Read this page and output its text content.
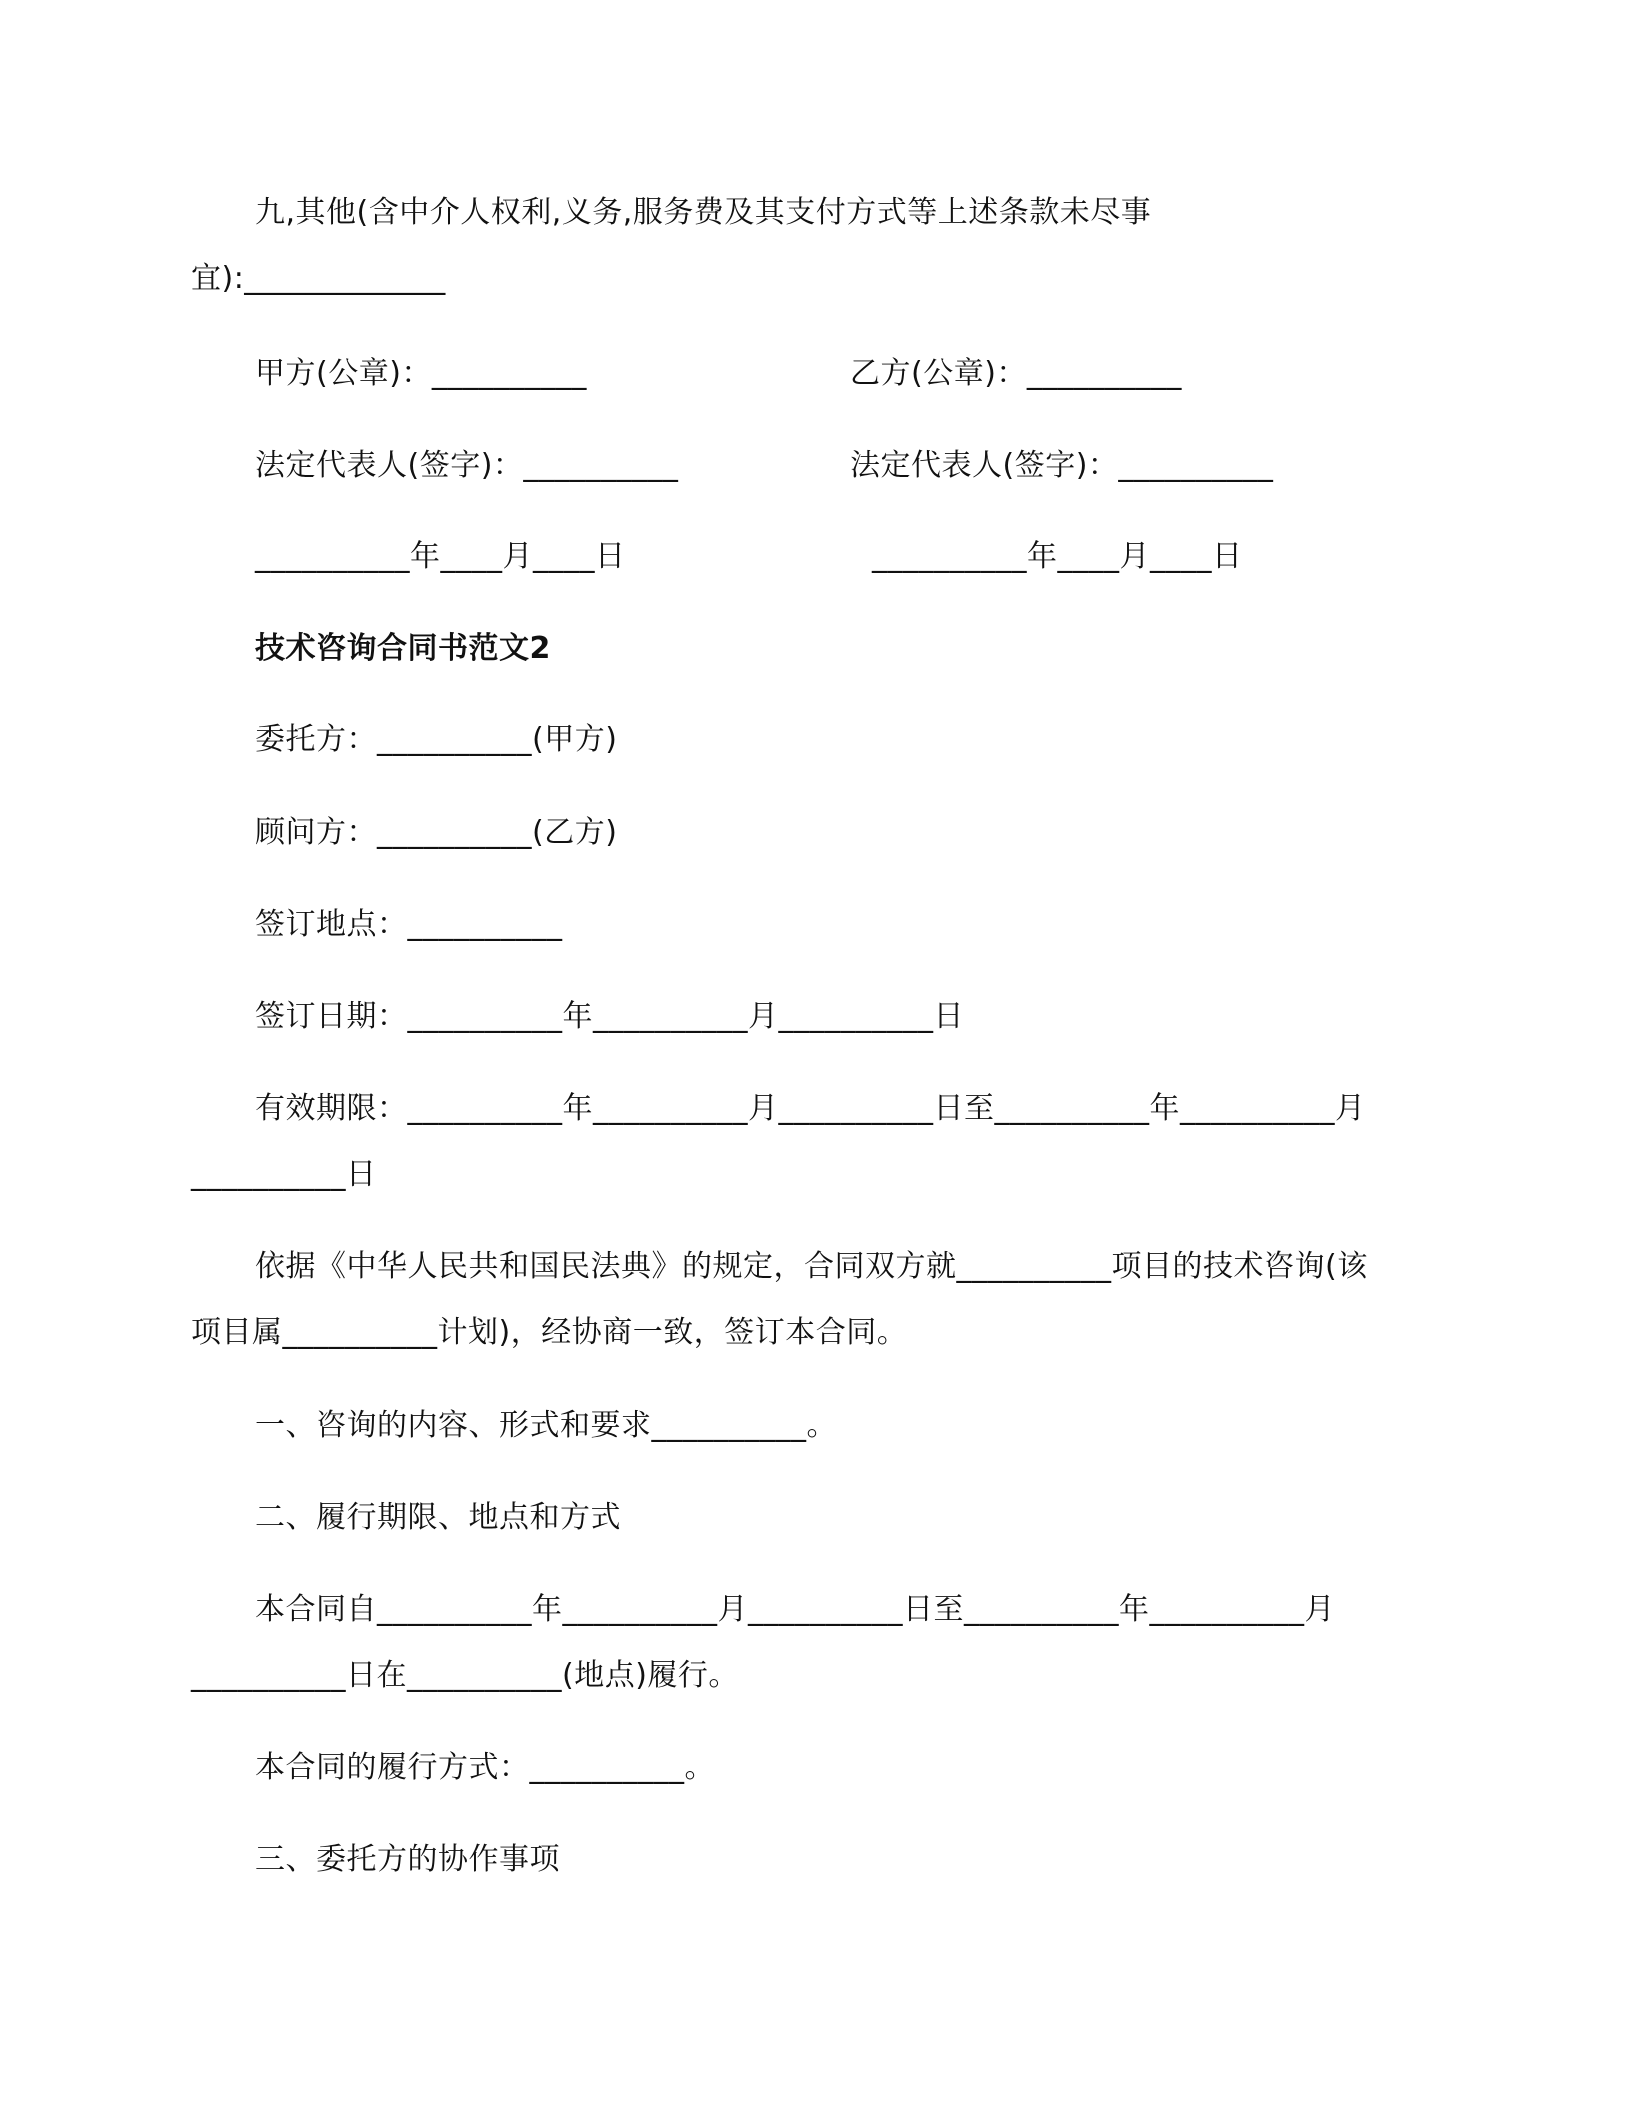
九,其他(含中介人权利,义务,服务费及其支付方式等上述条款未尽事
宜):_____________
甲方(公章)：__________	乙方(公章)：__________
法定代表人(签字)：__________	法定代表人(签字)：__________
__________年____月____日	__________年____月____日
技术咨询合同书范文2
委托方：__________(甲方)
顾问方：__________(乙方)
签订地点：__________
签订日期：__________年__________月__________日
有效期限：__________年__________月__________日至__________年__________月
__________日
依据《中华人民共和国民法典》的规定，合同双方就__________项目的技术咨询(该
项目属__________计划)，经协商一致，签订本合同。
一、咨询的内容、形式和要求__________。
二、履行期限、地点和方式
本合同自__________年__________月__________日至__________年__________月
__________日在__________(地点)履行。
本合同的履行方式：__________。
三、委托方的协作事项
